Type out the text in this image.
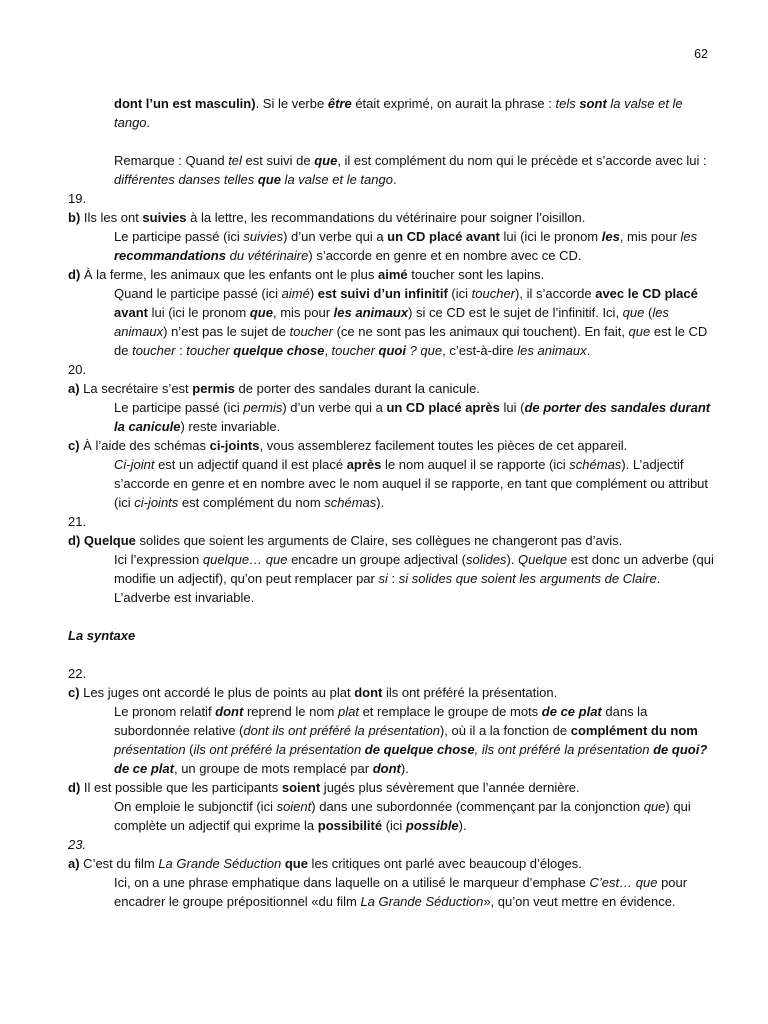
62

dont l’un est masculin). Si le verbe être était exprimé, on aurait la phrase : tels sont la valse et le tango.

Remarque : Quand tel est suivi de que, il est complément du nom qui le précède et s’accorde avec lui : différentes danses telles que la valse et le tango.

19.

b) Ils les ont suivies à la lettre, les recommandations du vétérinaire pour soigner l’oisillon.

Le participe passé (ici suivies) d’un verbe qui a un CD placé avant lui (ici le pronom les, mis pour les recommandations du vétérinaire) s’accorde en genre et en nombre avec ce CD.

d) À la ferme, les animaux que les enfants ont le plus aimé toucher sont les lapins.

Quand le participe passé (ici aimé) est suivi d’un infinitif (ici toucher), il s’accorde avec le CD placé avant lui (ici le pronom que, mis pour les animaux) si ce CD est le sujet de l’infinitif. Ici, que (les animaux) n’est pas le sujet de toucher (ce ne sont pas les animaux qui touchent). En fait, que est le CD de toucher : toucher quelque chose, toucher quoi ? que, c’est-à-dire les animaux.

20.

a) La secrétaire s’est permis de porter des sandales durant la canicule.

Le participe passé (ici permis) d’un verbe qui a un CD placé après lui (de porter des sandales durant la canicule) reste invariable.

c) À l’aide des schémas ci-joints, vous assemblerez facilement toutes les pièces de cet appareil.

Ci-joint est un adjectif quand il est placé après le nom auquel il se rapporte (ici schémas). L’adjectif s’accorde en genre et en nombre avec le nom auquel il se rapporte, en tant que complément ou attribut (ici ci-joints est complément du nom schémas).

21.

d) Quelque solides que soient les arguments de Claire, ses collègues ne changeront pas d’avis.

Ici l’expression quelque… que encadre un groupe adjectival (solides). Quelque est donc un adverbe (qui modifie un adjectif), qu’on peut remplacer par si : si solides que soient les arguments de Claire. L’adverbe est invariable.

La syntaxe

22.

c) Les juges ont accordé le plus de points au plat dont ils ont préféré la présentation.

Le pronom relatif dont reprend le nom plat et remplace le groupe de mots de ce plat dans la subordonnée relative (dont ils ont préféré la présentation), où il a la fonction de complément du nom présentation (ils ont préféré la présentation de quelque chose, ils ont préféré la présentation de quoi? de ce plat, un groupe de mots remplacé par dont).

d) Il est possible que les participants soient jugés plus sévèrement que l’année dernière.

On emploie le subjonctif (ici soient) dans une subordonnée (commençant par la conjonction que) qui complète un adjectif qui exprime la possibilité (ici possible).

23.

a) C’est du film La Grande Séduction que les critiques ont parlé avec beaucoup d’éloges.

Ici, on a une phrase emphatique dans laquelle on a utilisé le marqueur d’emphase C’est… que pour encadrer le groupe prépositionnel «du film La Grande Séduction», qu’on veut mettre en évidence.
